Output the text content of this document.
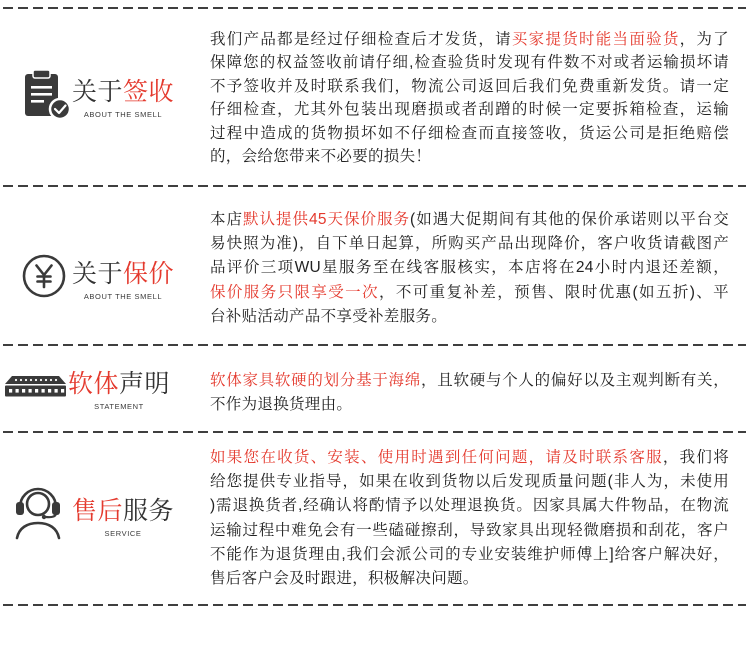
关于签收
ABOUT THE SMELL
我们产品都是经过仔细检查后才发货，请买家提货时能当面验货，为了
保障您的权益签收前请仔细,检查验货时发现有件数不对或者运输损坏请
不予签收并及时联系我们，物流公司返回后我们免费重新发货。请一定
仔细检查，尤其外包装出现磨损或者刮蹭的时候一定要拆箱检查，运输
过程中造成的货物损坏如不仔细检查而直接签收，货运公司是拒绝赔偿
的，会给您带来不必要的损失！
关于保价
ABOUT THE SMELL
本店默认提供45天保价服务(如遇大促期间有其他的保价承诺则以平台交
易快照为准)，自下单日起算，所购买产品出现降价，客户收货请截图产
品评价三项WU星服务至在线客服核实，本店将在24小时内退还差额，
保价服务只限享受一次，不可重复补差，预售、限时优惠(如五折)、平
台补贴活动产品不享受补差服务。
软体声明
STATEMENT
软体家具软硬的划分基于海绵，且软硬与个人的偏好以及主观判断有关，
不作为退换货理由。
售后服务
SERVICE
如果您在收货、安装、使用时遇到任何问题，请及时联系客服，我们将
给您提供专业指导，如果在收到货物以后发现质量问题(非人为，未使用
)需退换货者,经确认将酌情予以处理退换货。因家具属大件物品，在物流
运输过程中难免会有一些磕碰擦刮，导致家具出现轻微磨损和刮花，客户
不能作为退货理由,我们会派公司的专业安装维护师傅上]给客户解决好，
售后客户会及时跟进，积极解决问题。
